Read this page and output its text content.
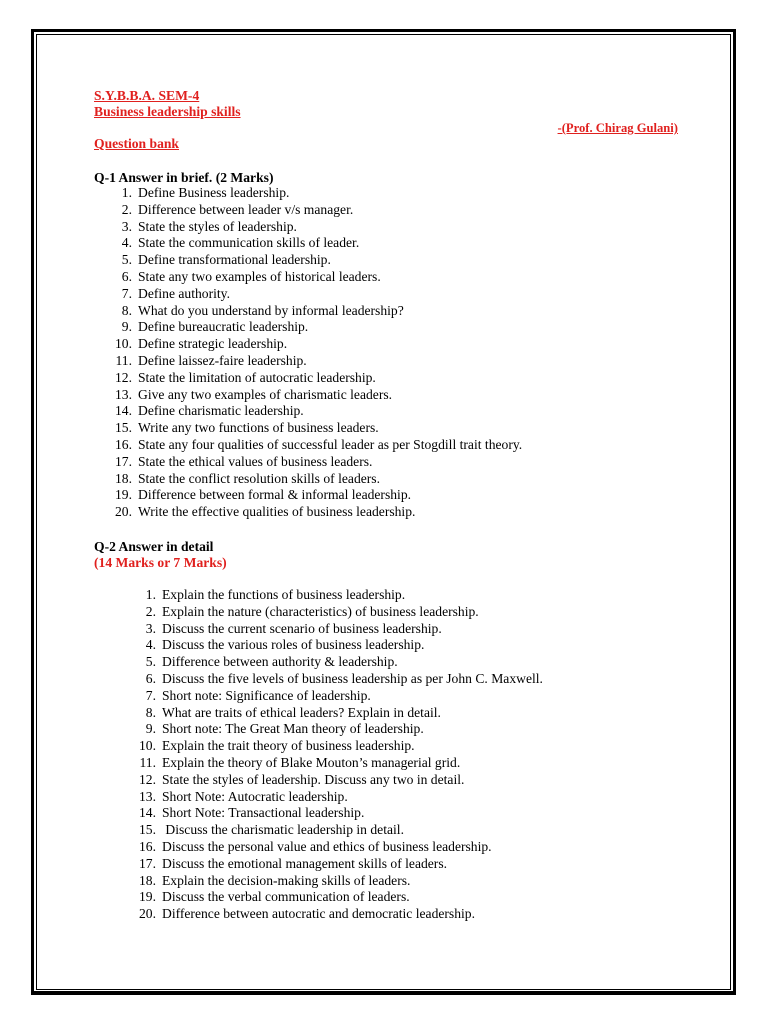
S.Y.B.B.A. SEM-4
Business leadership skills
-(Prof. Chirag Gulani)
Question bank
Q-1 Answer in brief. (2 Marks)
1. Define Business leadership.
2. Difference between leader v/s manager.
3. State the styles of leadership.
4. State the communication skills of leader.
5. Define transformational leadership.
6. State any two examples of historical leaders.
7. Define authority.
8. What do you understand by informal leadership?
9. Define bureaucratic leadership.
10. Define strategic leadership.
11. Define laissez-faire leadership.
12. State the limitation of autocratic leadership.
13. Give any two examples of charismatic leaders.
14. Define charismatic leadership.
15. Write any two functions of business leaders.
16. State any four qualities of successful leader as per Stogdill trait theory.
17. State the ethical values of business leaders.
18. State the conflict resolution skills of leaders.
19. Difference between formal & informal leadership.
20. Write the effective qualities of business leadership.
Q-2 Answer in detail
(14 Marks or 7 Marks)
1. Explain the functions of business leadership.
2. Explain the nature (characteristics) of business leadership.
3. Discuss the current scenario of business leadership.
4. Discuss the various roles of business leadership.
5. Difference between authority & leadership.
6. Discuss the five levels of business leadership as per John C. Maxwell.
7. Short note: Significance of leadership.
8. What are traits of ethical leaders? Explain in detail.
9. Short note: The Great Man theory of leadership.
10. Explain the trait theory of business leadership.
11. Explain the theory of Blake Mouton’s managerial grid.
12. State the styles of leadership. Discuss any two in detail.
13. Short Note: Autocratic leadership.
14. Short Note: Transactional leadership.
15. Discuss the charismatic leadership in detail.
16. Discuss the personal value and ethics of business leadership.
17. Discuss the emotional management skills of leaders.
18. Explain the decision-making skills of leaders.
19. Discuss the verbal communication of leaders.
20. Difference between autocratic and democratic leadership.
